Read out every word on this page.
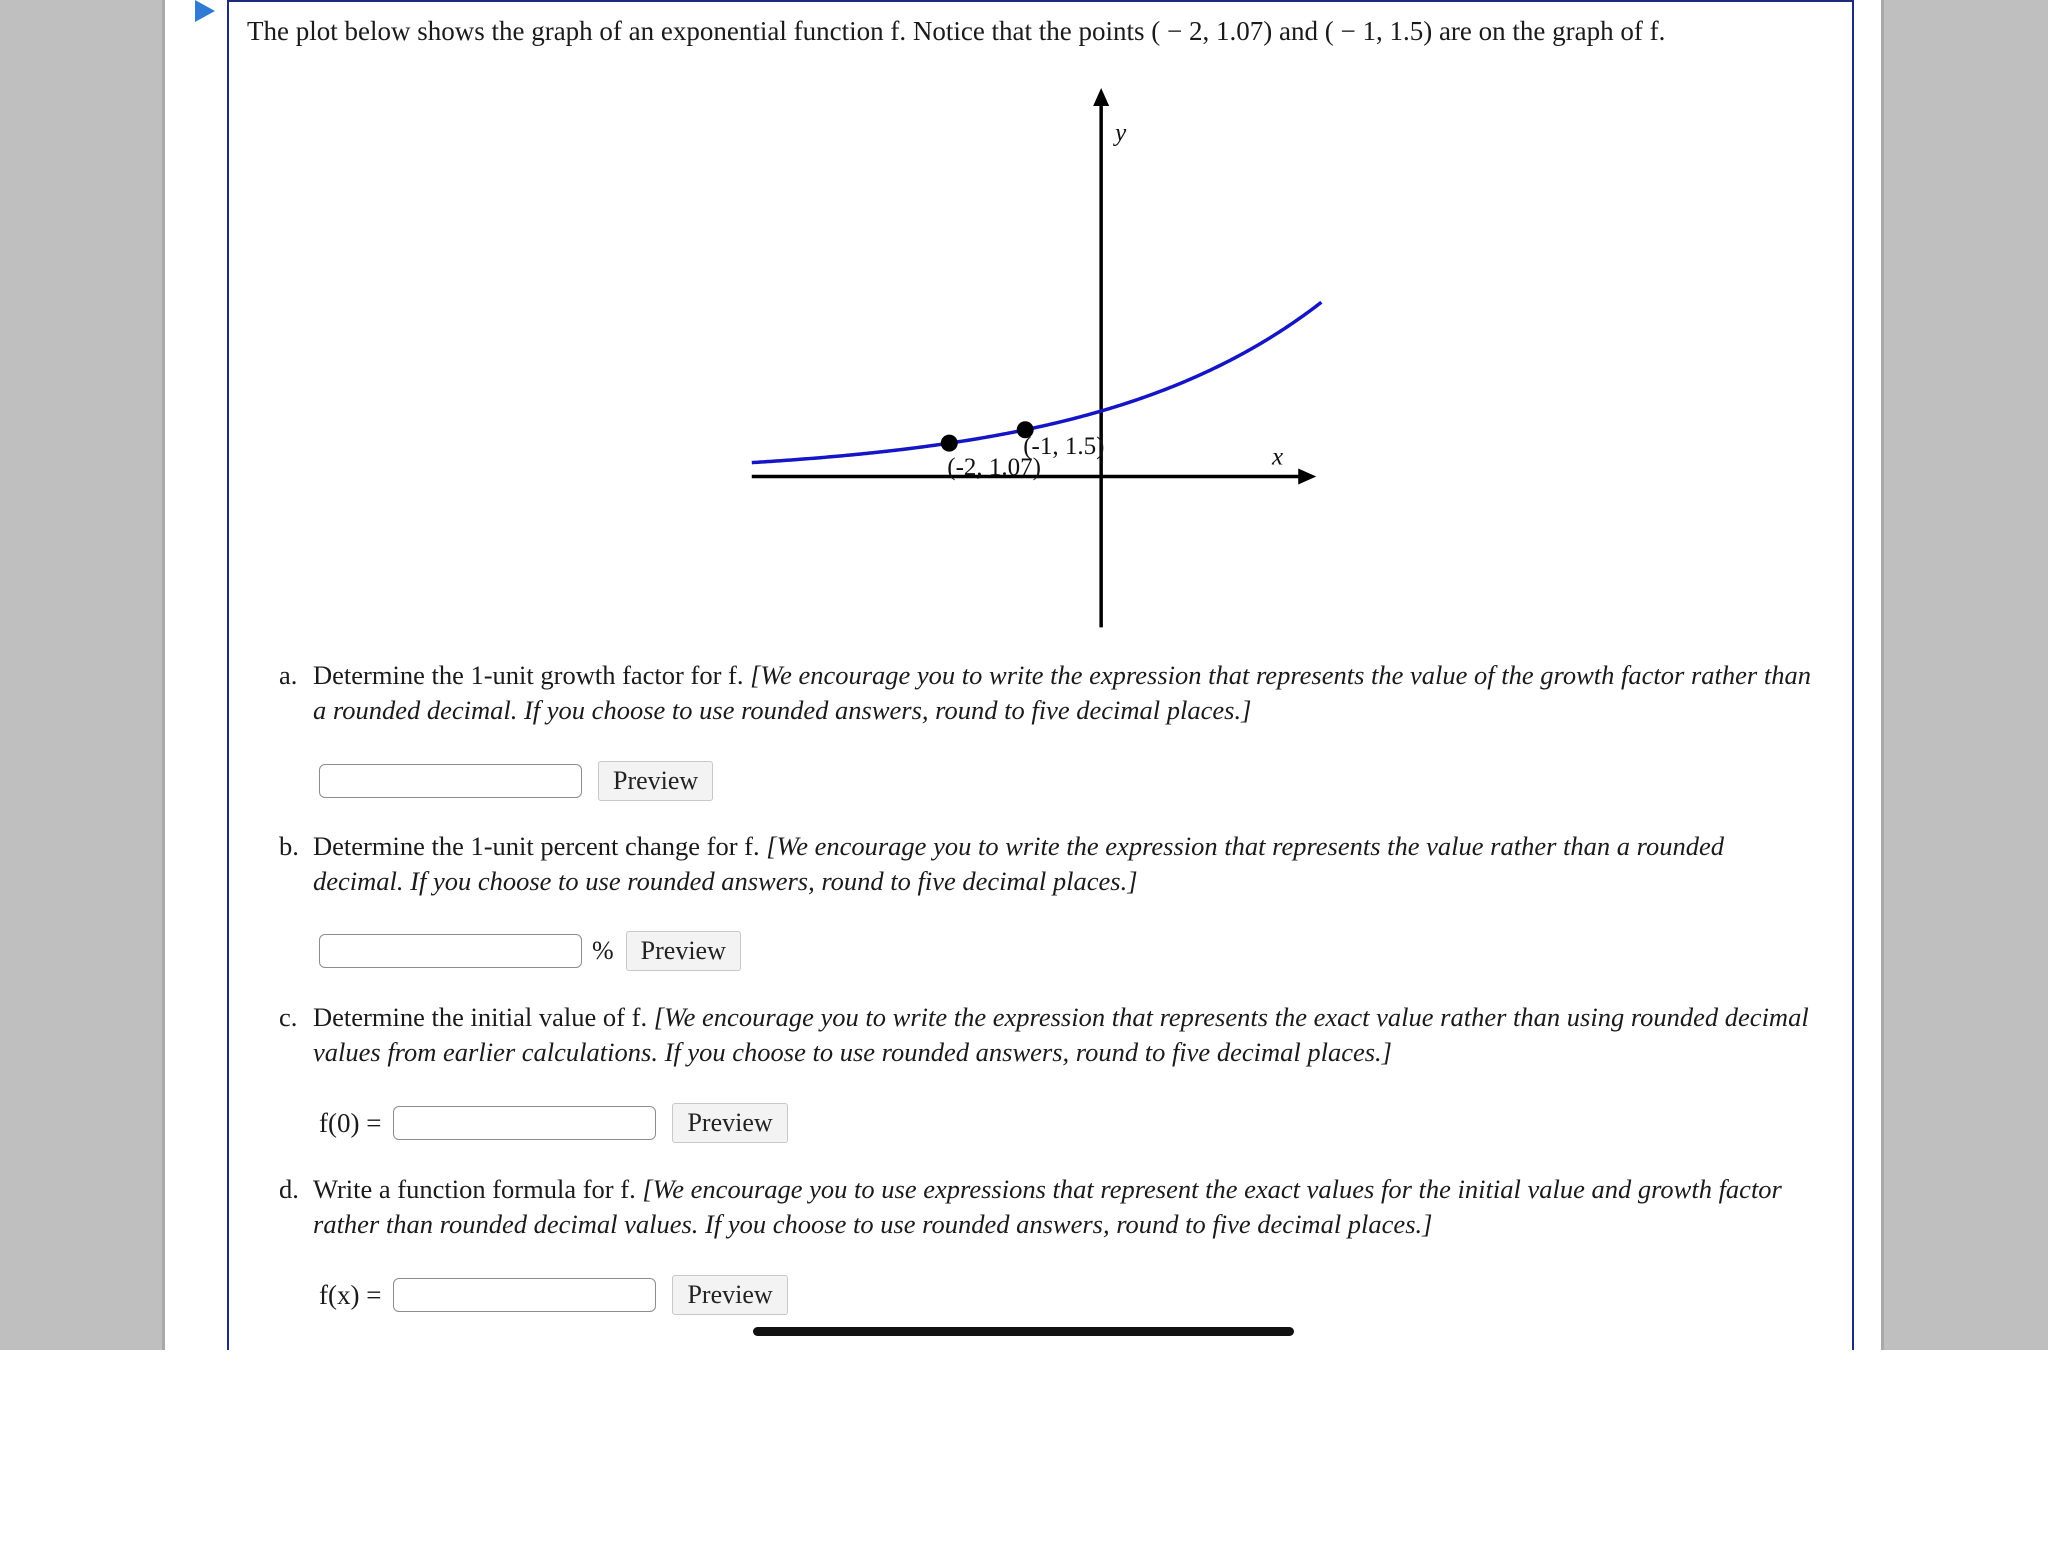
The plot below shows the graph of an exponential function f. Notice that the points ( − 2, 1.07) and ( − 1, 1.5) are on the graph of f.
x
y
(-2, 1.07)
(-1, 1.5)
a. Determine the 1-unit growth factor for f. [We encourage you to write the expression that represents the value of the growth factor rather than a rounded decimal. If you choose to use rounded answers, round to five decimal places.]
Preview
b. Determine the 1-unit percent change for f. [We encourage you to write the expression that represents the value rather than a rounded decimal. If you choose to use rounded answers, round to five decimal places.]
%	Preview
c. Determine the initial value of f. [We encourage you to write the expression that represents the exact value rather than using rounded decimal values from earlier calculations. If you choose to use rounded answers, round to five decimal places.]
f(0) =	Preview
d. Write a function formula for f. [We encourage you to use expressions that represent the exact values for the initial value and growth factor rather than rounded decimal values. If you choose to use rounded answers, round to five decimal places.]
f(x) =	Preview
